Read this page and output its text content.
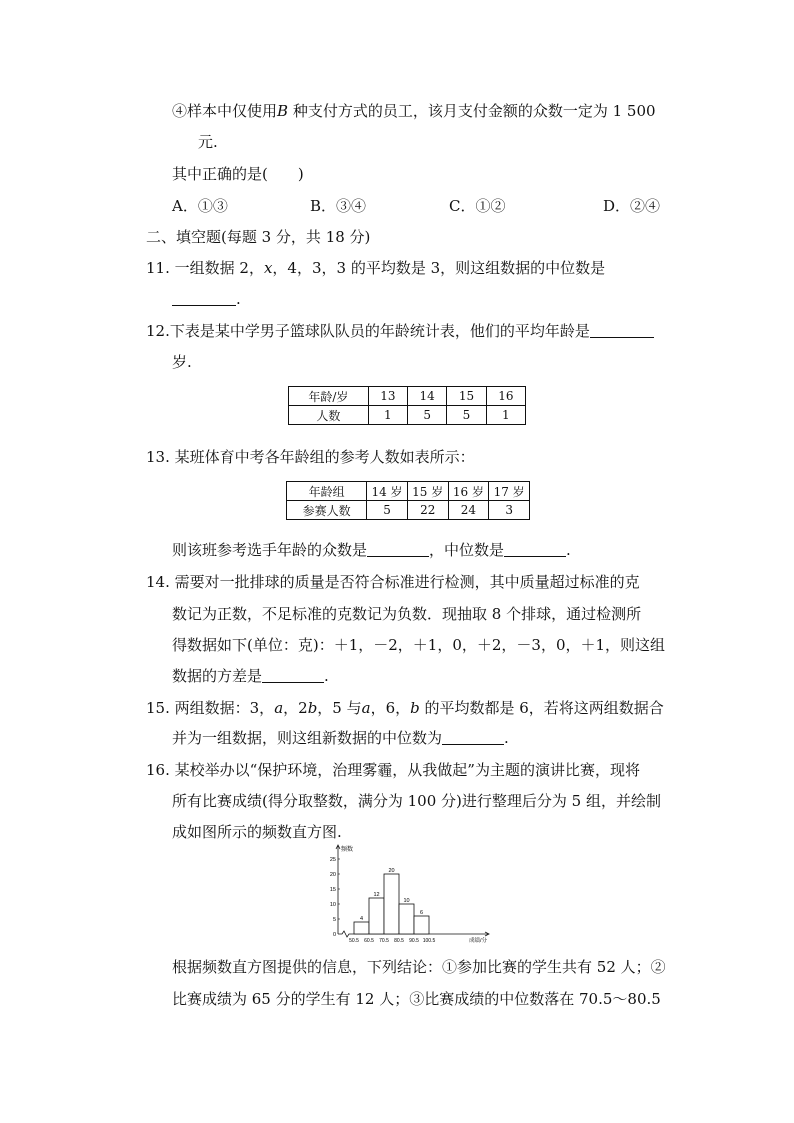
④样本中仅使用B 种支付方式的员工，该月支付金额的众数一定为 1 500
元.
其中正确的是(　　)
A．①③	B．③④	C．①②	D．②④
二、填空题(每题 3 分，共 18 分)
11. 一组数据 2，x，4，3，3 的平均数是 3，则这组数据的中位数是
.
12.下表是某中学男子篮球队队员的年龄统计表，他们的平均年龄是
岁.
年龄/岁	13	14	15	16
人数	1	5	5	1
13. 某班体育中考各年龄组的参考人数如表所示：
年龄组	14 岁	15 岁	16 岁	17 岁
参赛人数	5	22	24	3
则该班参考选手年龄的众数是	，中位数是	.
14. 需要对一批排球的质量是否符合标准进行检测，其中质量超过标准的克
数记为正数，不足标准的克数记为负数．现抽取 8 个排球，通过检测所
得数据如下(单位：克)：＋1，－2，＋1，0，＋2，－3，0，＋1，则这组
数据的方差是	.
15. 两组数据：3，a，2b，5 与a，6，b 的平均数都是 6，若将这两组数据合
并为一组数据，则这组新数据的中位数为	.
16. 某校举办以“保护环境，治理雾霾，从我做起”为主题的演讲比赛，现将
所有比赛成绩(得分取整数，满分为 100 分)进行整理后分为 5 组，并绘制
成如图所示的频数直方图.
频数
0
5
10
15
20
25
4
12
20
10
6
50.5 60.5 70.5 80.5 90.5 100.5	成绩/分
根据频数直方图提供的信息，下列结论：①参加比赛的学生共有 52 人；②
比赛成绩为 65 分的学生有 12 人；③比赛成绩的中位数落在 70.5～80.5
